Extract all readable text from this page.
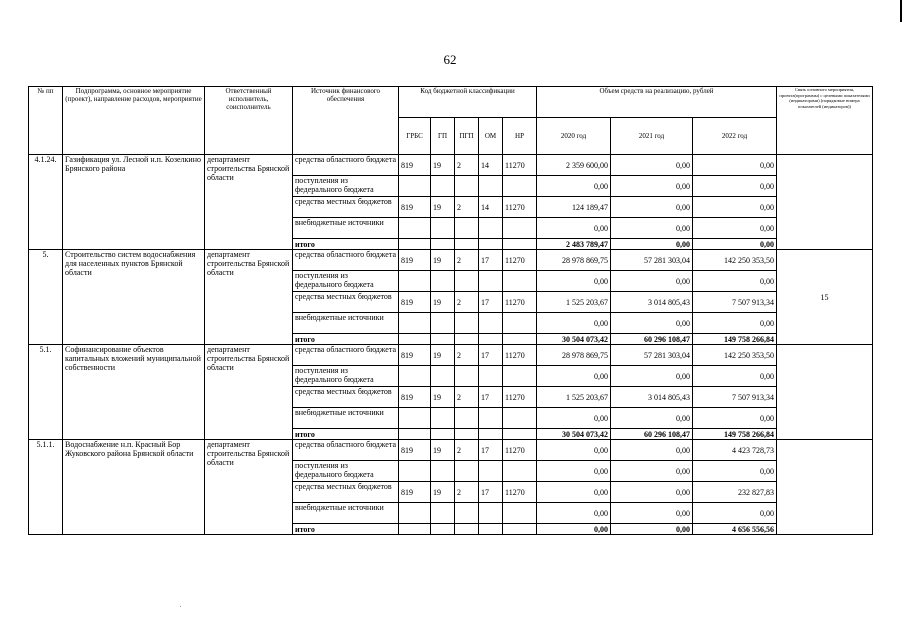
62
№ пп	Подпрограмма, основное мероприятие (проект), направление расходов, мероприятие	Ответственный исполнитель, соисполнитель	Источник финансового обеспечения	Код бюджетной классификации					Объем средств на реализацию, рублей			Связь основного мероприятия, проекта(программы) с целевыми показателями (индикаторами) (порядковые номера показателей (индикаторов))
				ГРБС	ГП	ПГП	ОМ	НР	2020 год	2021 год	2022 год	
4.1.24.	Газификация ул. Лесной н.п. Козелкино Брянского района	департамент строительства Брянской области	средства областного бюджета	819	19	2	14	11270	2 359 600,00	0,00	0,00	
			поступления из федерального бюджета						0,00	0,00	0,00	
			средства местных бюджетов	819	19	2	14	11270	124 189,47	0,00	0,00	
			внебюджетные источники						0,00	0,00	0,00	
			итого						2 483 789,47	0,00	0,00	
5.	Строительство систем водоснабжения для населенных пунктов Брянской области	департамент строительства Брянской области	средства областного бюджета	819	19	2	17	11270	28 978 869,75	57 281 303,04	142 250 353,50	15
			поступления из федерального бюджета						0,00	0,00	0,00	
			средства местных бюджетов	819	19	2	17	11270	1 525 203,67	3 014 805,43	7 507 913,34	
			внебюджетные источники						0,00	0,00	0,00	
			итого						30 504 073,42	60 296 108,47	149 758 266,84	
5.1.	Софинансирование объектов капитальных вложений муниципальной собственности	департамент строительства Брянской области	средства областного бюджета	819	19	2	17	11270	28 978 869,75	57 281 303,04	142 250 353,50	
			поступления из федерального бюджета						0,00	0,00	0,00	
			средства местных бюджетов	819	19	2	17	11270	1 525 203,67	3 014 805,43	7 507 913,34	
			внебюджетные источники						0,00	0,00	0,00	
			итого						30 504 073,42	60 296 108,47	149 758 266,84	
5.1.1.	Водоснабжение н.п. Красный Бор Жуковского района Брянской области	департамент строительства Брянской области	средства областного бюджета	819	19	2	17	11270	0,00	0,00	4 423 728,73	
			поступления из федерального бюджета						0,00	0,00	0,00	
			средства местных бюджетов	819	19	2	17	11270	0,00	0,00	232 827,83	
			внебюджетные источники						0,00	0,00	0,00	
			итого						0,00	0,00	4 656 556,56	
